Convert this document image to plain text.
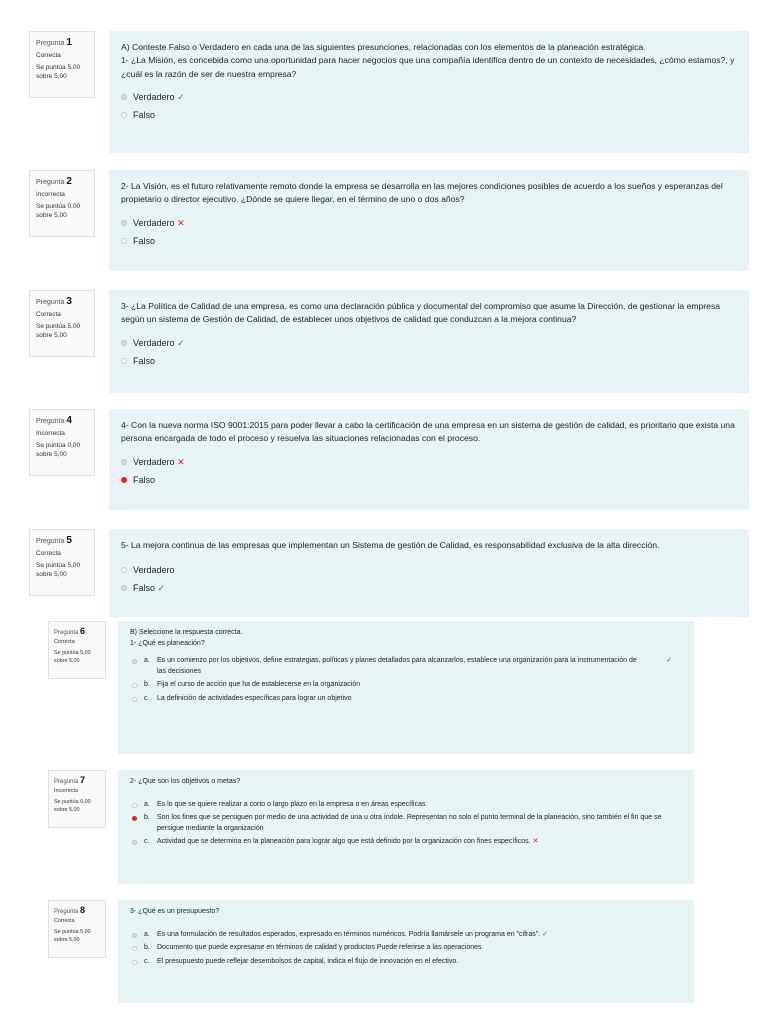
Pregunta 1
Correcta
Se puntúa 5,00 sobre 5,00

A) Conteste Falso o Verdadero en cada una de las siguientes presunciones, relacionadas con los elementos de la planeación estratégica.

1- ¿La Misión, es concebida como una oportunidad para hacer negocios que una compañía identifica dentro de un contexto de necesidades, ¿cómo estamos?, y ¿cuál es la razón de ser de nuestra empresa?

Verdadero
✓
Falso
Pregunta 2
Incorrecta
Se puntúa 0,00 sobre 5,00

2- La Visión, es el futuro relativamente remoto donde la empresa se desarrolla en las mejores condiciones posibles de acuerdo a los sueños y esperanzas del propietario o director ejecutivo. ¿Dónde se quiere llegar, en el término de uno o dos años?

Verdadero
✕
Falso
Pregunta 3
Correcta
Se puntúa 5,00 sobre 5,00

3- ¿La Política de Calidad de una empresa, es como una declaración pública y documental del compromiso que asume la Dirección, de gestionar la empresa según un sistema de Gestión de Calidad, de establecer unos objetivos de calidad que conduzcan a la mejora continua?

Verdadero
✓
Falso
Pregunta 4
Incorrecta
Se puntúa 0,00 sobre 5,00

4- Con la nueva norma ISO 9001:2015 para poder llevar a cabo la certificación de una empresa en un sistema de gestión de calidad, es prioritario que exista una persona encargada de todo el proceso y resuelva las situaciones relacionadas con el proceso.

Verdadero
✕
Falso
Pregunta 5
Correcta
Se puntúa 5,00 sobre 5,00

5- La mejora continua de las empresas que implementan un Sistema de gestión de Calidad, es responsabilidad exclusiva de la alta dirección.

Verdadero
Falso
✓
Pregunta 6
Correcta
Se puntúa 5,00 sobre 5,00

B) Seleccione la respuesta correcta.

1- ¿Qué es planeación?

a.	Es un comienzo por los objetivos, define estrategias, políticas y planes detallados para alcanzarlos, establece una organización para la instrumentación de las decisiones
✓
b.	Fija el curso de acción que ha de establecerse en la organización
c.	La definición de actividades específicas para lograr un objetivo
Pregunta 7
Incorrecta
Se puntúa 0,00 sobre 5,00

2- ¿Que son los objetivos o metas?

a.	Es lo que se quiere realizar a corto o largo plazo en la empresa o en áreas específicas
b.	Son los fines que se persiguen por medio de una actividad de una u otra índole. Representan no solo el punto terminal de la planeación, sino también el fin que se persigue mediante la organización
c.	Actividad que se determina en la planeación para lograr algo que está definido por la organización con fines específicos. ✕
Pregunta 8
Correcta
Se puntúa 5,00 sobre 5,00

3- ¿Qué es un presupuesto?

a.	Es una formulación de resultados esperados, expresado en términos numéricos. Podría llamársele un programa en "cifras". ✓
b.	Documento que puede expresarse en términos de calidad y productos Puede referirse a las operaciones
c.	El presupuesto puede reflejar desembolsos de capital, indica el flujo de innovación en el efectivo.
